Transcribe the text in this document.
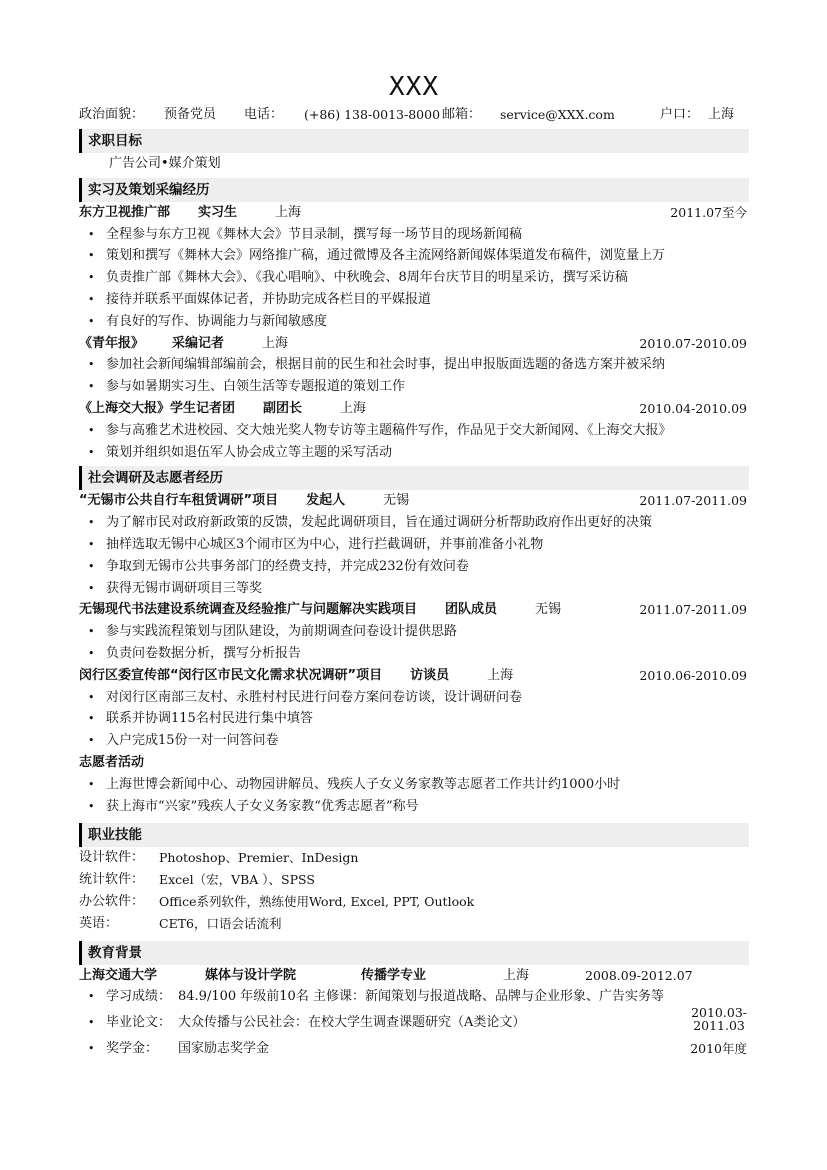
XXX
政治面貌：	预备党员	电话：	(+86) 138-0013-8000 邮箱：	service@XXX.com	户口： 上海
求职目标
广告公司•媒介策划
实习及策划采编经历
东方卫视推广部 实习生	上海	2011.07至今
• 全程参与东方卫视《舞林大会》节目录制，撰写每一场节目的现场新闻稿
• 策划和撰写《舞林大会》网络推广稿，通过微博及各主流网络新闻媒体渠道发布稿件，浏览量上万
• 负责推广部《舞林大会》、《我心唱响》、中秋晚会、8周年台庆节目的明星采访，撰写采访稿
• 接待并联系平面媒体记者，并协助完成各栏目的平媒报道
• 有良好的写作、协调能力与新闻敏感度
《青年报》 采编记者	上海	2010.07-2010.09
• 参加社会新闻编辑部编前会，根据目前的民生和社会时事，提出申报版面选题的备选方案并被采纳
• 参与如暑期实习生、白领生活等专题报道的策划工作
《上海交大报》学生记者团 副团长	上海	2010.04-2010.09
• 参与高雅艺术进校园、交大烛光奖人物专访等主题稿件写作，作品见于交大新闻网、《上海交大报》
• 策划并组织如退伍军人协会成立等主题的采写活动
社会调研及志愿者经历
“无锡市公共自行车租赁调研”项目 发起人	无锡	2011.07-2011.09
• 为了解市民对政府新政策的反馈，发起此调研项目，旨在通过调研分析帮助政府作出更好的决策
• 抽样选取无锡中心城区3个闹市区为中心，进行拦截调研，并事前准备小礼物
• 争取到无锡市公共事务部门的经费支持，并完成232份有效问卷
• 获得无锡市调研项目三等奖
无锡现代书法建设系统调查及经验推广与问题解决实践项目 团队成员	无锡	2011.07-2011.09
• 参与实践流程策划与团队建设，为前期调查问卷设计提供思路
• 负责问卷数据分析，撰写分析报告
闵行区委宣传部“闵行区市民文化需求状况调研”项目 访谈员	上海	2010.06-2010.09
• 对闵行区南部三友村、永胜村村民进行问卷方案问卷访谈，设计调研问卷
• 联系并协调115名村民进行集中填答
• 入户完成15份一对一问答问卷
志愿者活动
• 上海世博会新闻中心、动物园讲解员、残疾人子女义务家教等志愿者工作共计约1000小时
• 获上海市“兴家”残疾人子女义务家教“优秀志愿者”称号
职业技能
设计软件：	Photoshop、Premier、InDesign
统计软件：	Excel（宏，VBA ）、SPSS
办公软件：	Office系列软件，熟练使用Word, Excel, PPT, Outlook
英语：	CET6，口语会话流利
教育背景
上海交通大学	媒体与设计学院	传播学专业	上海	2008.09-2012.07
• 学习成绩： 84.9/100 年级前10名 主修课：新闻策划与报道战略、品牌与企业形象、广告实务等
• 毕业论文： 大众传播与公民社会：在校大学生调查课题研究（A类论文）
2010.03-
2011.03
• 奖学金： 国家励志奖学金	2010年度
